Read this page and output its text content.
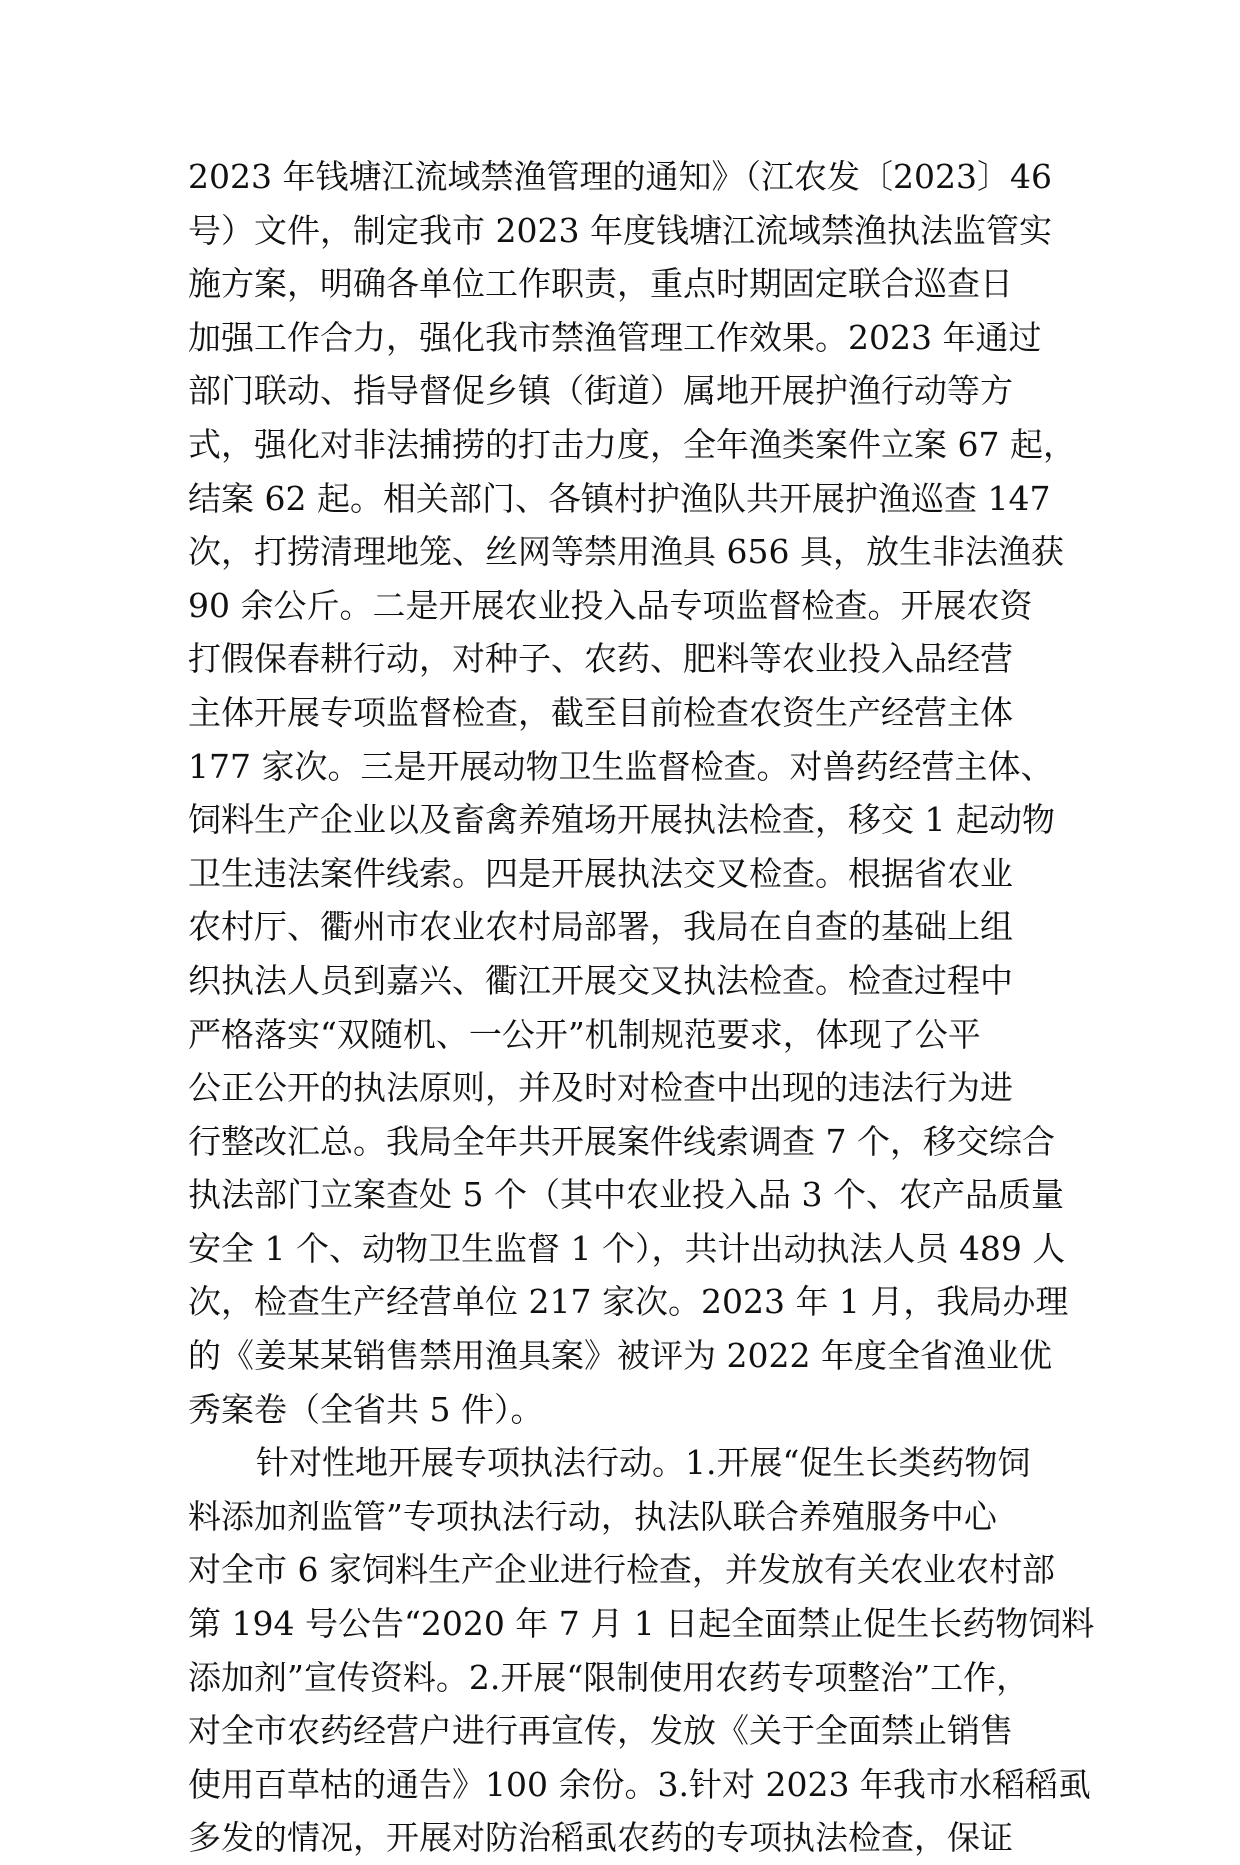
2023 年钱塘江流域禁渔管理的通知》（江农发〔2023〕46
号）文件，制定我市 2023 年度钱塘江流域禁渔执法监管实
施方案，明确各单位工作职责，重点时期固定联合巡查日
加强工作合力，强化我市禁渔管理工作效果。2023 年通过
部门联动、指导督促乡镇（街道）属地开展护渔行动等方
式，强化对非法捕捞的打击力度，全年渔类案件立案 67 起，
结案 62 起。相关部门、各镇村护渔队共开展护渔巡查 147
次，打捞清理地笼、丝网等禁用渔具 656 具，放生非法渔获
90 余公斤。二是开展农业投入品专项监督检查。开展农资
打假保春耕行动，对种子、农药、肥料等农业投入品经营
主体开展专项监督检查，截至目前检查农资生产经营主体
177 家次。三是开展动物卫生监督检查。对兽药经营主体、
饲料生产企业以及畜禽养殖场开展执法检查，移交 1 起动物
卫生违法案件线索。四是开展执法交叉检查。根据省农业
农村厅、衢州市农业农村局部署，我局在自查的基础上组
织执法人员到嘉兴、衢江开展交叉执法检查。检查过程中
严格落实“双随机、一公开”机制规范要求，体现了公平
公正公开的执法原则，并及时对检查中出现的违法行为进
行整改汇总。我局全年共开展案件线索调查 7 个，移交综合
执法部门立案查处 5 个（其中农业投入品 3 个、农产品质量
安全 1 个、动物卫生监督 1 个），共计出动执法人员 489 人
次，检查生产经营单位 217 家次。2023 年 1 月，我局办理
的《姜某某销售禁用渔具案》被评为 2022 年度全省渔业优
秀案卷（全省共 5 件）。
针对性地开展专项执法行动。1.开展“促生长类药物饲
料添加剂监管”专项执法行动，执法队联合养殖服务中心
对全市 6 家饲料生产企业进行检查，并发放有关农业农村部
第 194 号公告“2020 年 7 月 1 日起全面禁止促生长药物饲料
添加剂”宣传资料。2.开展“限制使用农药专项整治”工作，
对全市农药经营户进行再宣传，发放《关于全面禁止销售
使用百草枯的通告》100 余份。3.针对 2023 年我市水稻稻虱
多发的情况，开展对防治稻虱农药的专项执法检查，保证
